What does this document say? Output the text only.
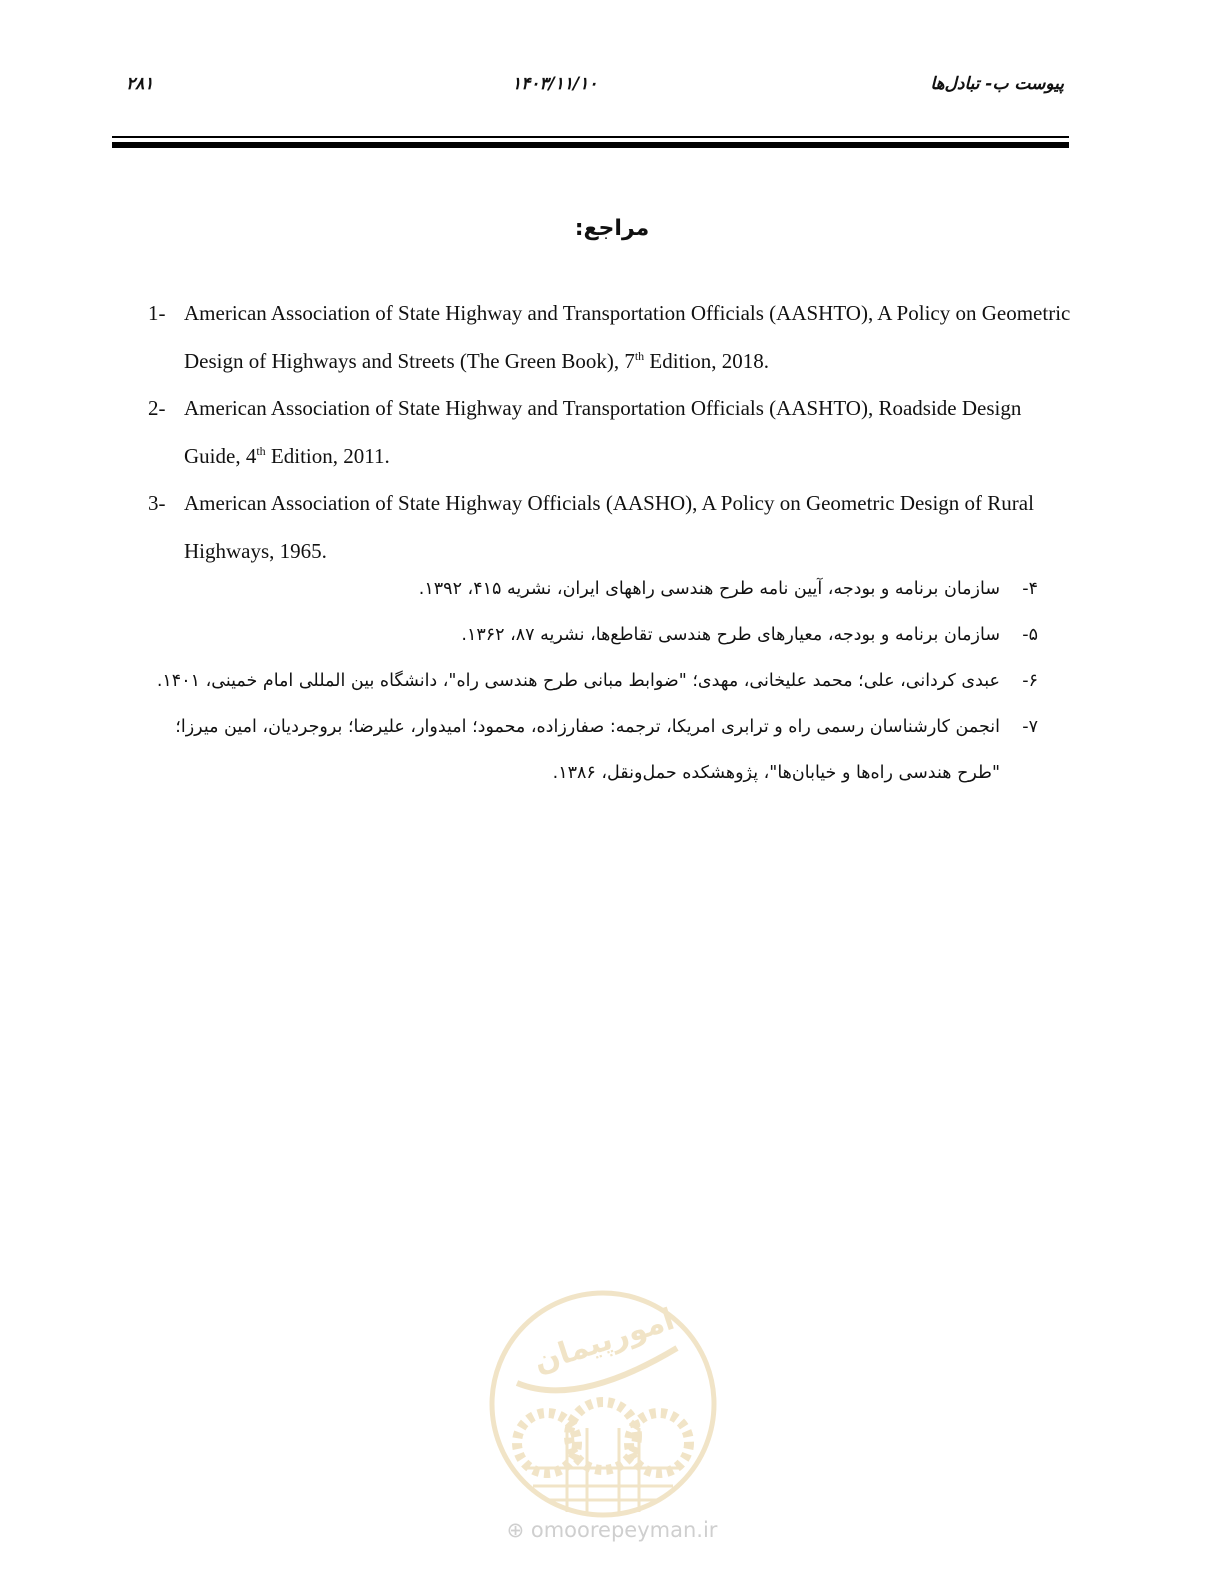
۲۸۱	۱۴۰۳/۱۱/۱۰	پیوست ب- تبادل‌ها
مراجع:
1- American Association of State Highway and Transportation Officials (AASHTO), A Policy on Geometric Design of Highways and Streets (The Green Book), 7th Edition, 2018.
2- American Association of State Highway and Transportation Officials (AASHTO), Roadside Design Guide, 4th Edition, 2011.
3- American Association of State Highway Officials (AASHO), A Policy on Geometric Design of Rural Highways, 1965.
۴-
سازمان برنامه و بودجه، آیین نامه طرح هندسی راههای ایران، نشریه ۴۱۵، ۱۳۹۲.
۵-
سازمان برنامه و بودجه، معیارهای طرح هندسی تقاطع‌ها، نشریه ۸۷، ۱۳۶۲.
۶-
عبدی کردانی، علی؛ محمد علیخانی، مهدی؛ "ضوابط مبانی طرح هندسی راه"، دانشگاه بین المللی امام خمینی، ۱۴۰۱.
۷-
انجمن کارشناسان رسمی راه و ترابری امریکا، ترجمه: صفارزاده، محمود؛ امیدوار، علیرضا؛ بروجردیان، امین میرزا؛ "طرح هندسی راه‌ها و خیابان‌ها"، پژوهشکده حمل‌ونقل، ۱۳۸۶.
امورپیمان
⊕ omoorepeyman.ir
